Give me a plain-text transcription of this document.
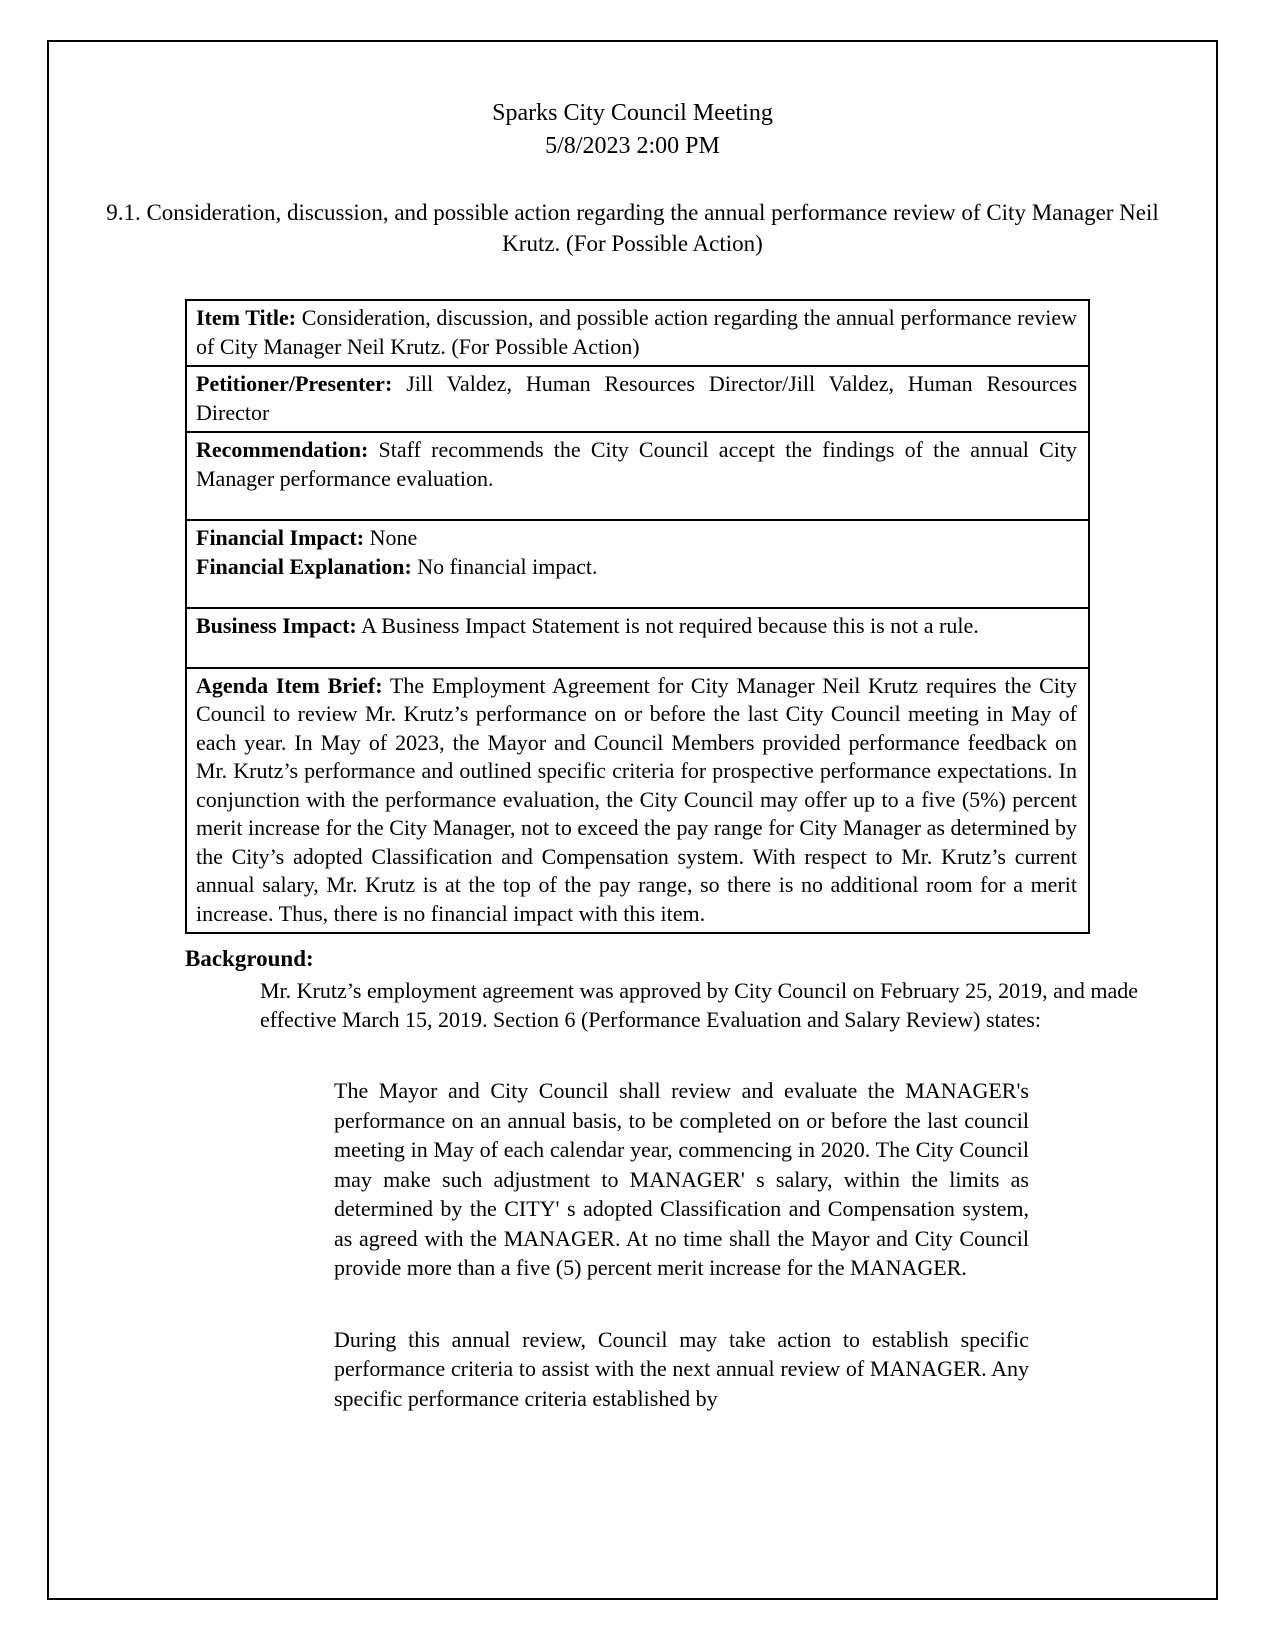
Sparks City Council Meeting
5/8/2023 2:00 PM
9.1. Consideration, discussion, and possible action regarding the annual performance review of City Manager Neil Krutz. (For Possible Action)

Item Title: Consideration, discussion, and possible action regarding the annual performance review of City Manager Neil Krutz. (For Possible Action)

Petitioner/Presenter: Jill Valdez, Human Resources Director/Jill Valdez, Human Resources Director

Recommendation: Staff recommends the City Council accept the findings of the annual City Manager performance evaluation.

Financial Impact: None

Financial Explanation: No financial impact.

Business Impact: A Business Impact Statement is not required because this is not a rule.

Agenda Item Brief: The Employment Agreement for City Manager Neil Krutz requires the City Council to review Mr. Krutz’s performance on or before the last City Council meeting in May of each year. In May of 2023, the Mayor and Council Members provided performance feedback on Mr. Krutz’s performance and outlined specific criteria for prospective performance expectations. In conjunction with the performance evaluation, the City Council may offer up to a five (5%) percent merit increase for the City Manager, not to exceed the pay range for City Manager as determined by the City’s adopted Classification and Compensation system. With respect to Mr. Krutz’s current annual salary, Mr. Krutz is at the top of the pay range, so there is no additional room for a merit increase. Thus, there is no financial impact with this item.

Background:
Mr. Krutz’s employment agreement was approved by City Council on February 25, 2019, and made effective March 15, 2019. Section 6 (Performance Evaluation and Salary Review) states:
The Mayor and City Council shall review and evaluate the MANAGER's performance on an annual basis, to be completed on or before the last council meeting in May of each calendar year, commencing in 2020. The City Council may make such adjustment to MANAGER' s salary, within the limits as determined by the CITY' s adopted Classification and Compensation system, as agreed with the MANAGER. At no time shall the Mayor and City Council provide more than a five (5) percent merit increase for the MANAGER.
During this annual review, Council may take action to establish specific performance criteria to assist with the next annual review of MANAGER. Any specific performance criteria established by
